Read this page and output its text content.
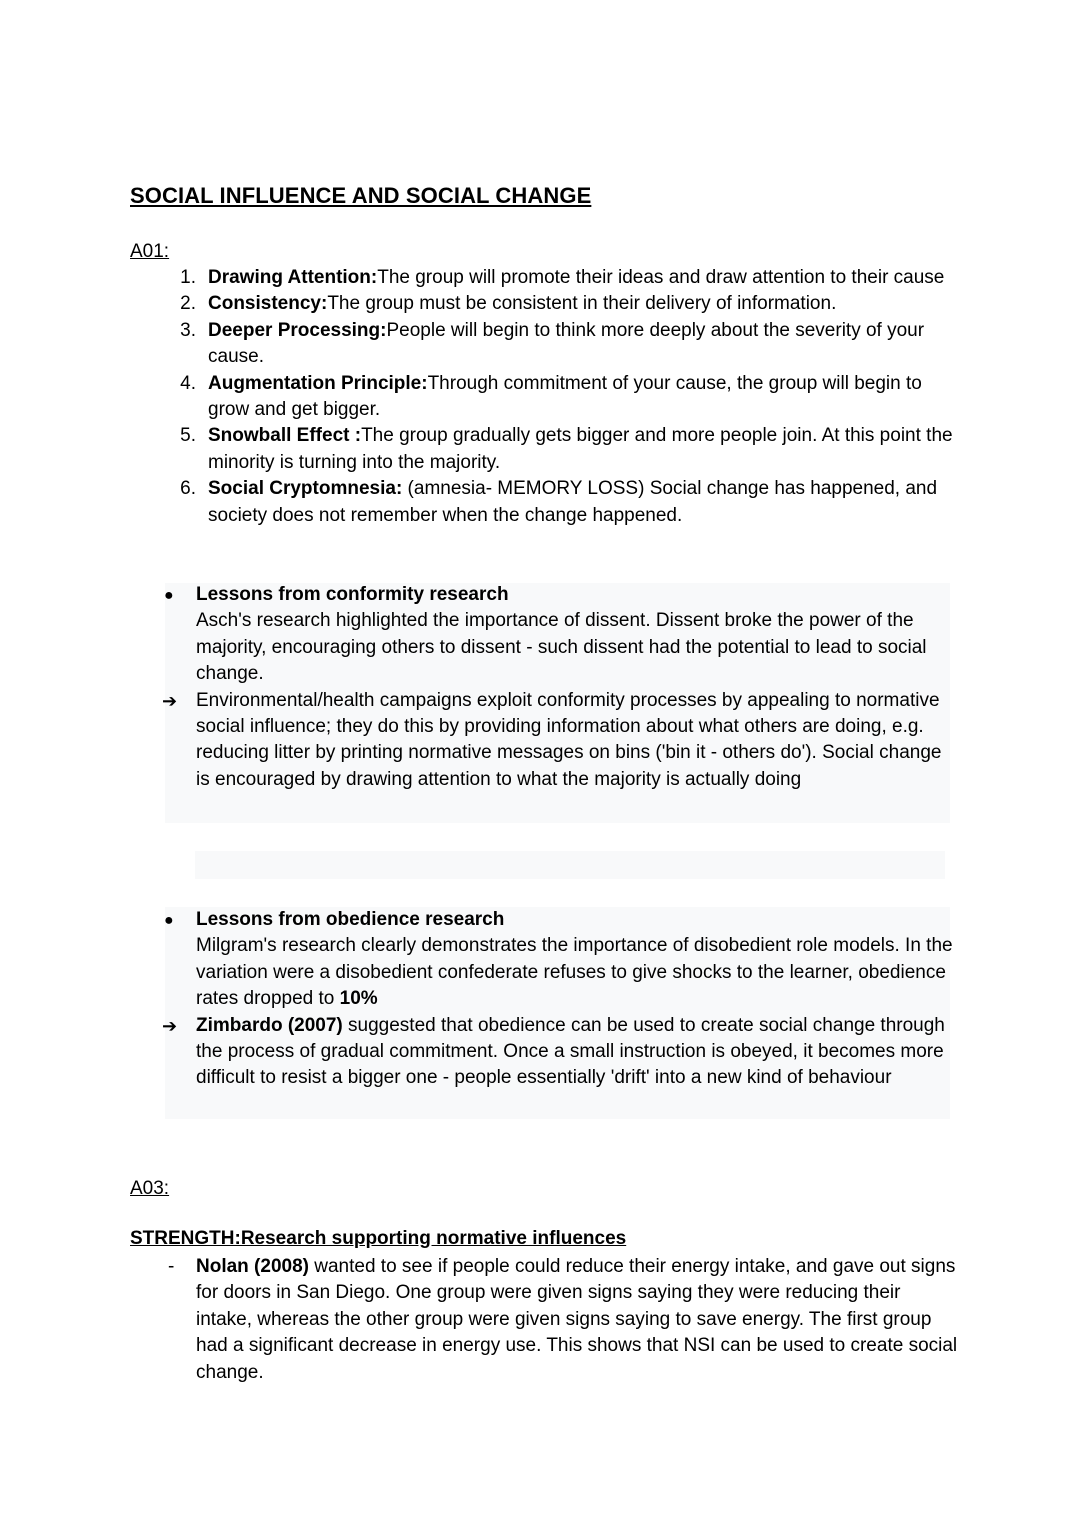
SOCIAL INFLUENCE AND SOCIAL CHANGE
A01:
1. Drawing Attention:The group will promote their ideas and draw attention to their cause
2. Consistency:The group must be consistent in their delivery of information.
3. Deeper Processing:People will begin to think more deeply about the severity of your cause.
4. Augmentation Principle:Through commitment of your cause, the group will begin to grow and get bigger.
5. Snowball Effect :The group gradually gets bigger and more people join. At this point the minority is turning into the majority.
6. Social Cryptomnesia: (amnesia- MEMORY LOSS) Social change has happened, and society does not remember when the change happened.
● Lessons from conformity research
Asch's research highlighted the importance of dissent. Dissent broke the power of the majority, encouraging others to dissent - such dissent had the potential to lead to social change.
➔ Environmental/health campaigns exploit conformity processes by appealing to normative social influence; they do this by providing information about what others are doing, e.g. reducing litter by printing normative messages on bins ('bin it - others do'). Social change is encouraged by drawing attention to what the majority is actually doing
● Lessons from obedience research
Milgram's research clearly demonstrates the importance of disobedient role models. In the variation were a disobedient confederate refuses to give shocks to the learner, obedience rates dropped to 10%
➔ Zimbardo (2007) suggested that obedience can be used to create social change through the process of gradual commitment. Once a small instruction is obeyed, it becomes more difficult to resist a bigger one - people essentially 'drift' into a new kind of behaviour
A03:
STRENGTH:Research supporting normative influences
- Nolan (2008) wanted to see if people could reduce their energy intake, and gave out signs for doors in San Diego. One group were given signs saying they were reducing their intake, whereas the other group were given signs saying to save energy. The first group had a significant decrease in energy use. This shows that NSI can be used to create social change.
